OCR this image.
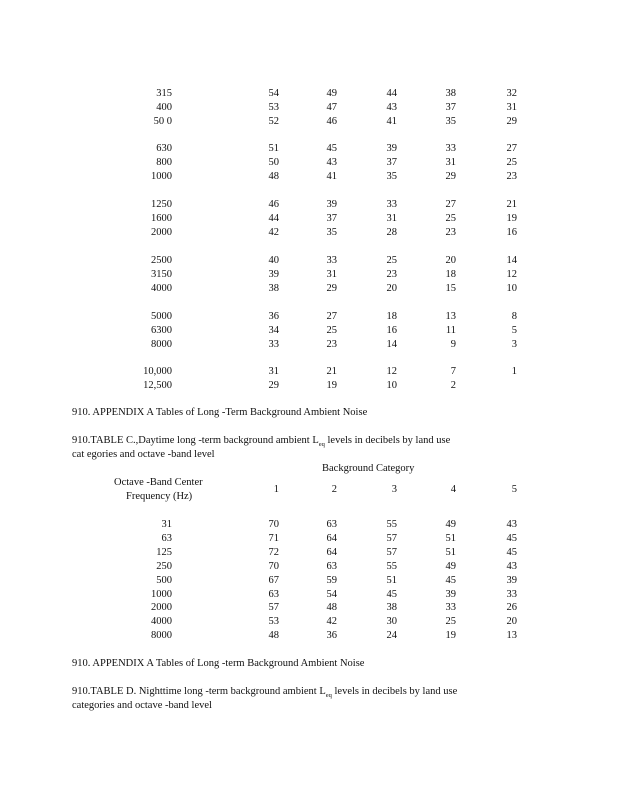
315	54	49	44	38	32
400	53	47	43	37	31
50 0	52	46	41	35	29
630	51	45	39	33	27
800	50	43	37	31	25
1000	48	41	35	29	23
1250	46	39	33	27	21
1600	44	37	31	25	19
2000	42	35	28	23	16
2500	40	33	25	20	14
3150	39	31	23	18	12
4000	38	29	20	15	10
5000	36	27	18	13	8
6300	34	25	16	11	5
8000	33	23	14	9	3
10,000	31	21	12	7	1
12,500	29	19	10	2
910. APPENDIX A Tables of Long -Term Background Ambient Noise
910.TABLE C.,Daytime long -term background ambient $L_{eq}$ levels in decibels by land use
cat egories and octave -band level
Background Category
Octave -Band Center
Frequency (Hz)
1	2	3	4	5
31	70	63	55	49	43
63	71	64	57	51	45
125	72	64	57	51	45
250	70	63	55	49	43
500	67	59	51	45	39
1000	63	54	45	39	33
2000	57	48	38	33	26
4000	53	42	30	25	20
8000	48	36	24	19	13
910. APPENDIX A Tables of Long -term Background Ambient Noise
910.TABLE D. Nighttime long -term background ambient $L_{eq}$ levels in decibels by land use
categories and octave -band level
